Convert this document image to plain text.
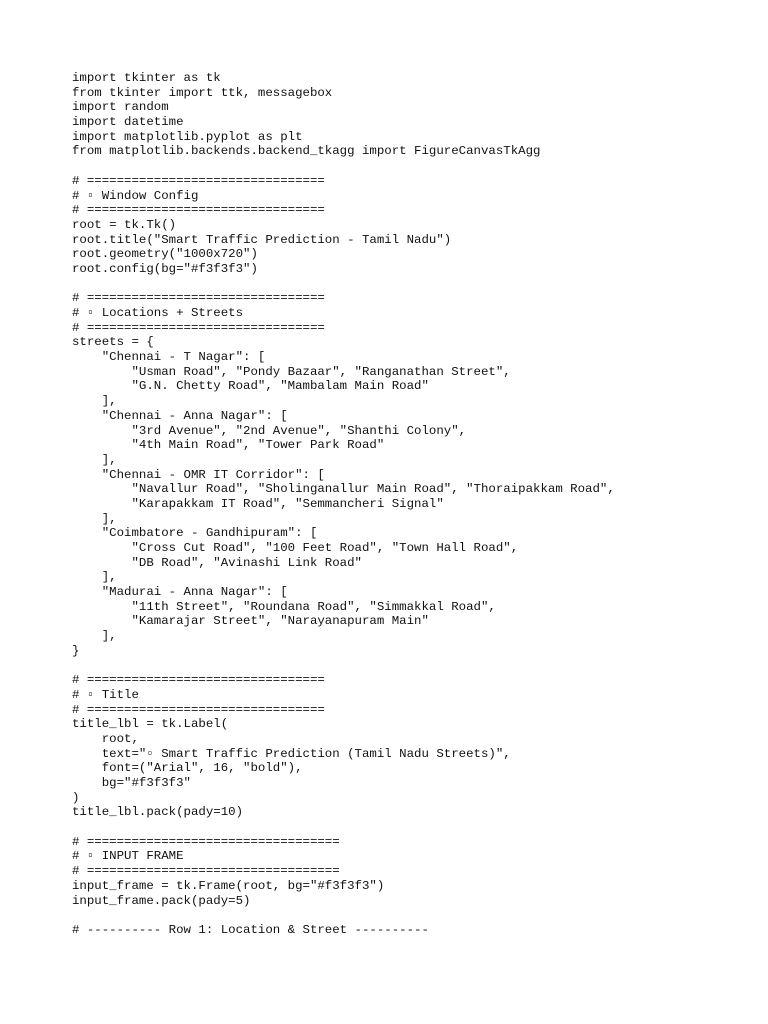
import tkinter as tk
from tkinter import ttk, messagebox
import random
import datetime
import matplotlib.pyplot as plt
from matplotlib.backends.backend_tkagg import FigureCanvasTkAgg
# ================================
# ▫ Window Config
# ================================
root = tk.Tk()
root.title("Smart Traffic Prediction - Tamil Nadu")
root.geometry("1000x720")
root.config(bg="#f3f3f3")
# ================================
# ▫ Locations + Streets
# ================================
streets = {
"Chennai - T Nagar": [
"Usman Road", "Pondy Bazaar", "Ranganathan Street",
"G.N. Chetty Road", "Mambalam Main Road"
],
"Chennai - Anna Nagar": [
"3rd Avenue", "2nd Avenue", "Shanthi Colony",
"4th Main Road", "Tower Park Road"
],
"Chennai - OMR IT Corridor": [
"Navallur Road", "Sholinganallur Main Road", "Thoraipakkam Road",
"Karapakkam IT Road", "Semmancheri Signal"
],
"Coimbatore - Gandhipuram": [
"Cross Cut Road", "100 Feet Road", "Town Hall Road",
"DB Road", "Avinashi Link Road"
],
"Madurai - Anna Nagar": [
"11th Street", "Roundana Road", "Simmakkal Road",
"Kamarajar Street", "Narayanapuram Main"
],
}
# ================================
# ▫ Title
# ================================
title_lbl = tk.Label(
root,
text="▫ Smart Traffic Prediction (Tamil Nadu Streets)",
font=("Arial", 16, "bold"),
bg="#f3f3f3"
)
title_lbl.pack(pady=10)
# ==================================
# ▫ INPUT FRAME
# ==================================
input_frame = tk.Frame(root, bg="#f3f3f3")
input_frame.pack(pady=5)
# ---------- Row 1: Location & Street ----------
